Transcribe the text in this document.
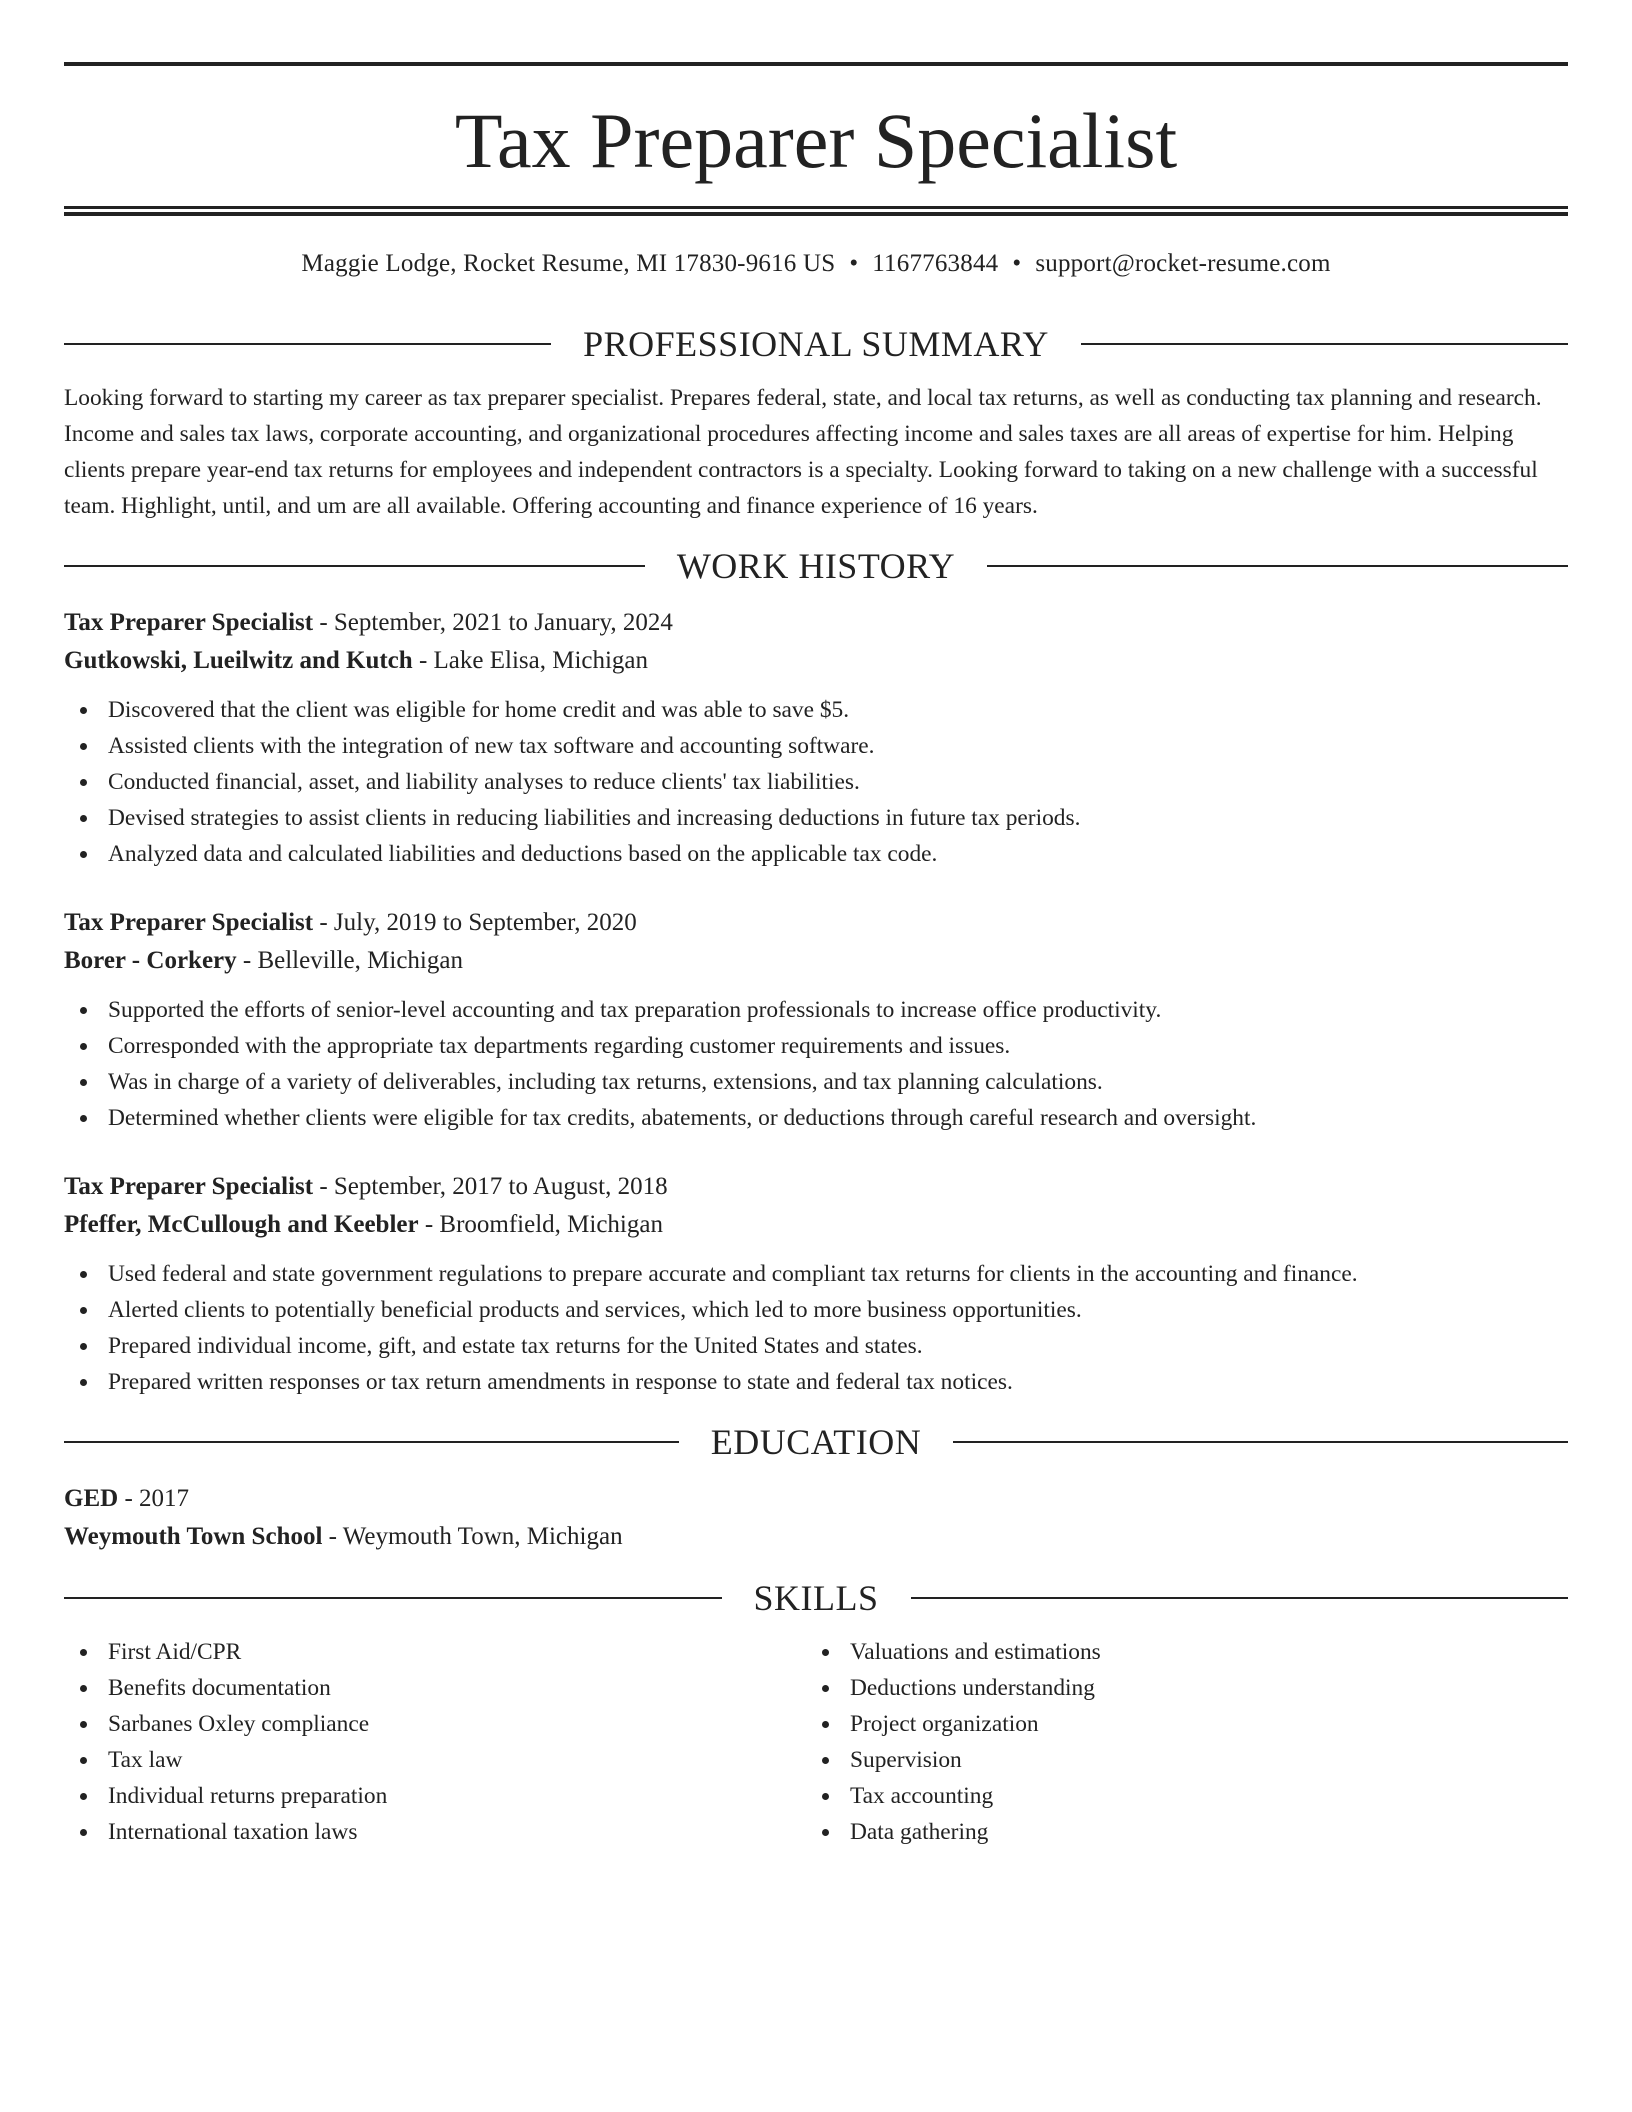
Tax Preparer Specialist
Maggie Lodge, Rocket Resume, MI 17830-9616 US • 1167763844 • support@rocket-resume.com
PROFESSIONAL SUMMARY
Looking forward to starting my career as tax preparer specialist. Prepares federal, state, and local tax returns, as well as conducting tax planning and research. Income and sales tax laws, corporate accounting, and organizational procedures affecting income and sales taxes are all areas of expertise for him. Helping clients prepare year-end tax returns for employees and independent contractors is a specialty. Looking forward to taking on a new challenge with a successful team. Highlight, until, and um are all available. Offering accounting and finance experience of 16 years.
WORK HISTORY
Tax Preparer Specialist - September, 2021 to January, 2024
Gutkowski, Lueilwitz and Kutch - Lake Elisa, Michigan
Discovered that the client was eligible for home credit and was able to save $5.
Assisted clients with the integration of new tax software and accounting software.
Conducted financial, asset, and liability analyses to reduce clients' tax liabilities.
Devised strategies to assist clients in reducing liabilities and increasing deductions in future tax periods.
Analyzed data and calculated liabilities and deductions based on the applicable tax code.
Tax Preparer Specialist - July, 2019 to September, 2020
Borer - Corkery - Belleville, Michigan
Supported the efforts of senior-level accounting and tax preparation professionals to increase office productivity.
Corresponded with the appropriate tax departments regarding customer requirements and issues.
Was in charge of a variety of deliverables, including tax returns, extensions, and tax planning calculations.
Determined whether clients were eligible for tax credits, abatements, or deductions through careful research and oversight.
Tax Preparer Specialist - September, 2017 to August, 2018
Pfeffer, McCullough and Keebler - Broomfield, Michigan
Used federal and state government regulations to prepare accurate and compliant tax returns for clients in the accounting and finance.
Alerted clients to potentially beneficial products and services, which led to more business opportunities.
Prepared individual income, gift, and estate tax returns for the United States and states.
Prepared written responses or tax return amendments in response to state and federal tax notices.
EDUCATION
GED - 2017
Weymouth Town School - Weymouth Town, Michigan
SKILLS
First Aid/CPR
Benefits documentation
Sarbanes Oxley compliance
Tax law
Individual returns preparation
International taxation laws
Valuations and estimations
Deductions understanding
Project organization
Supervision
Tax accounting
Data gathering
